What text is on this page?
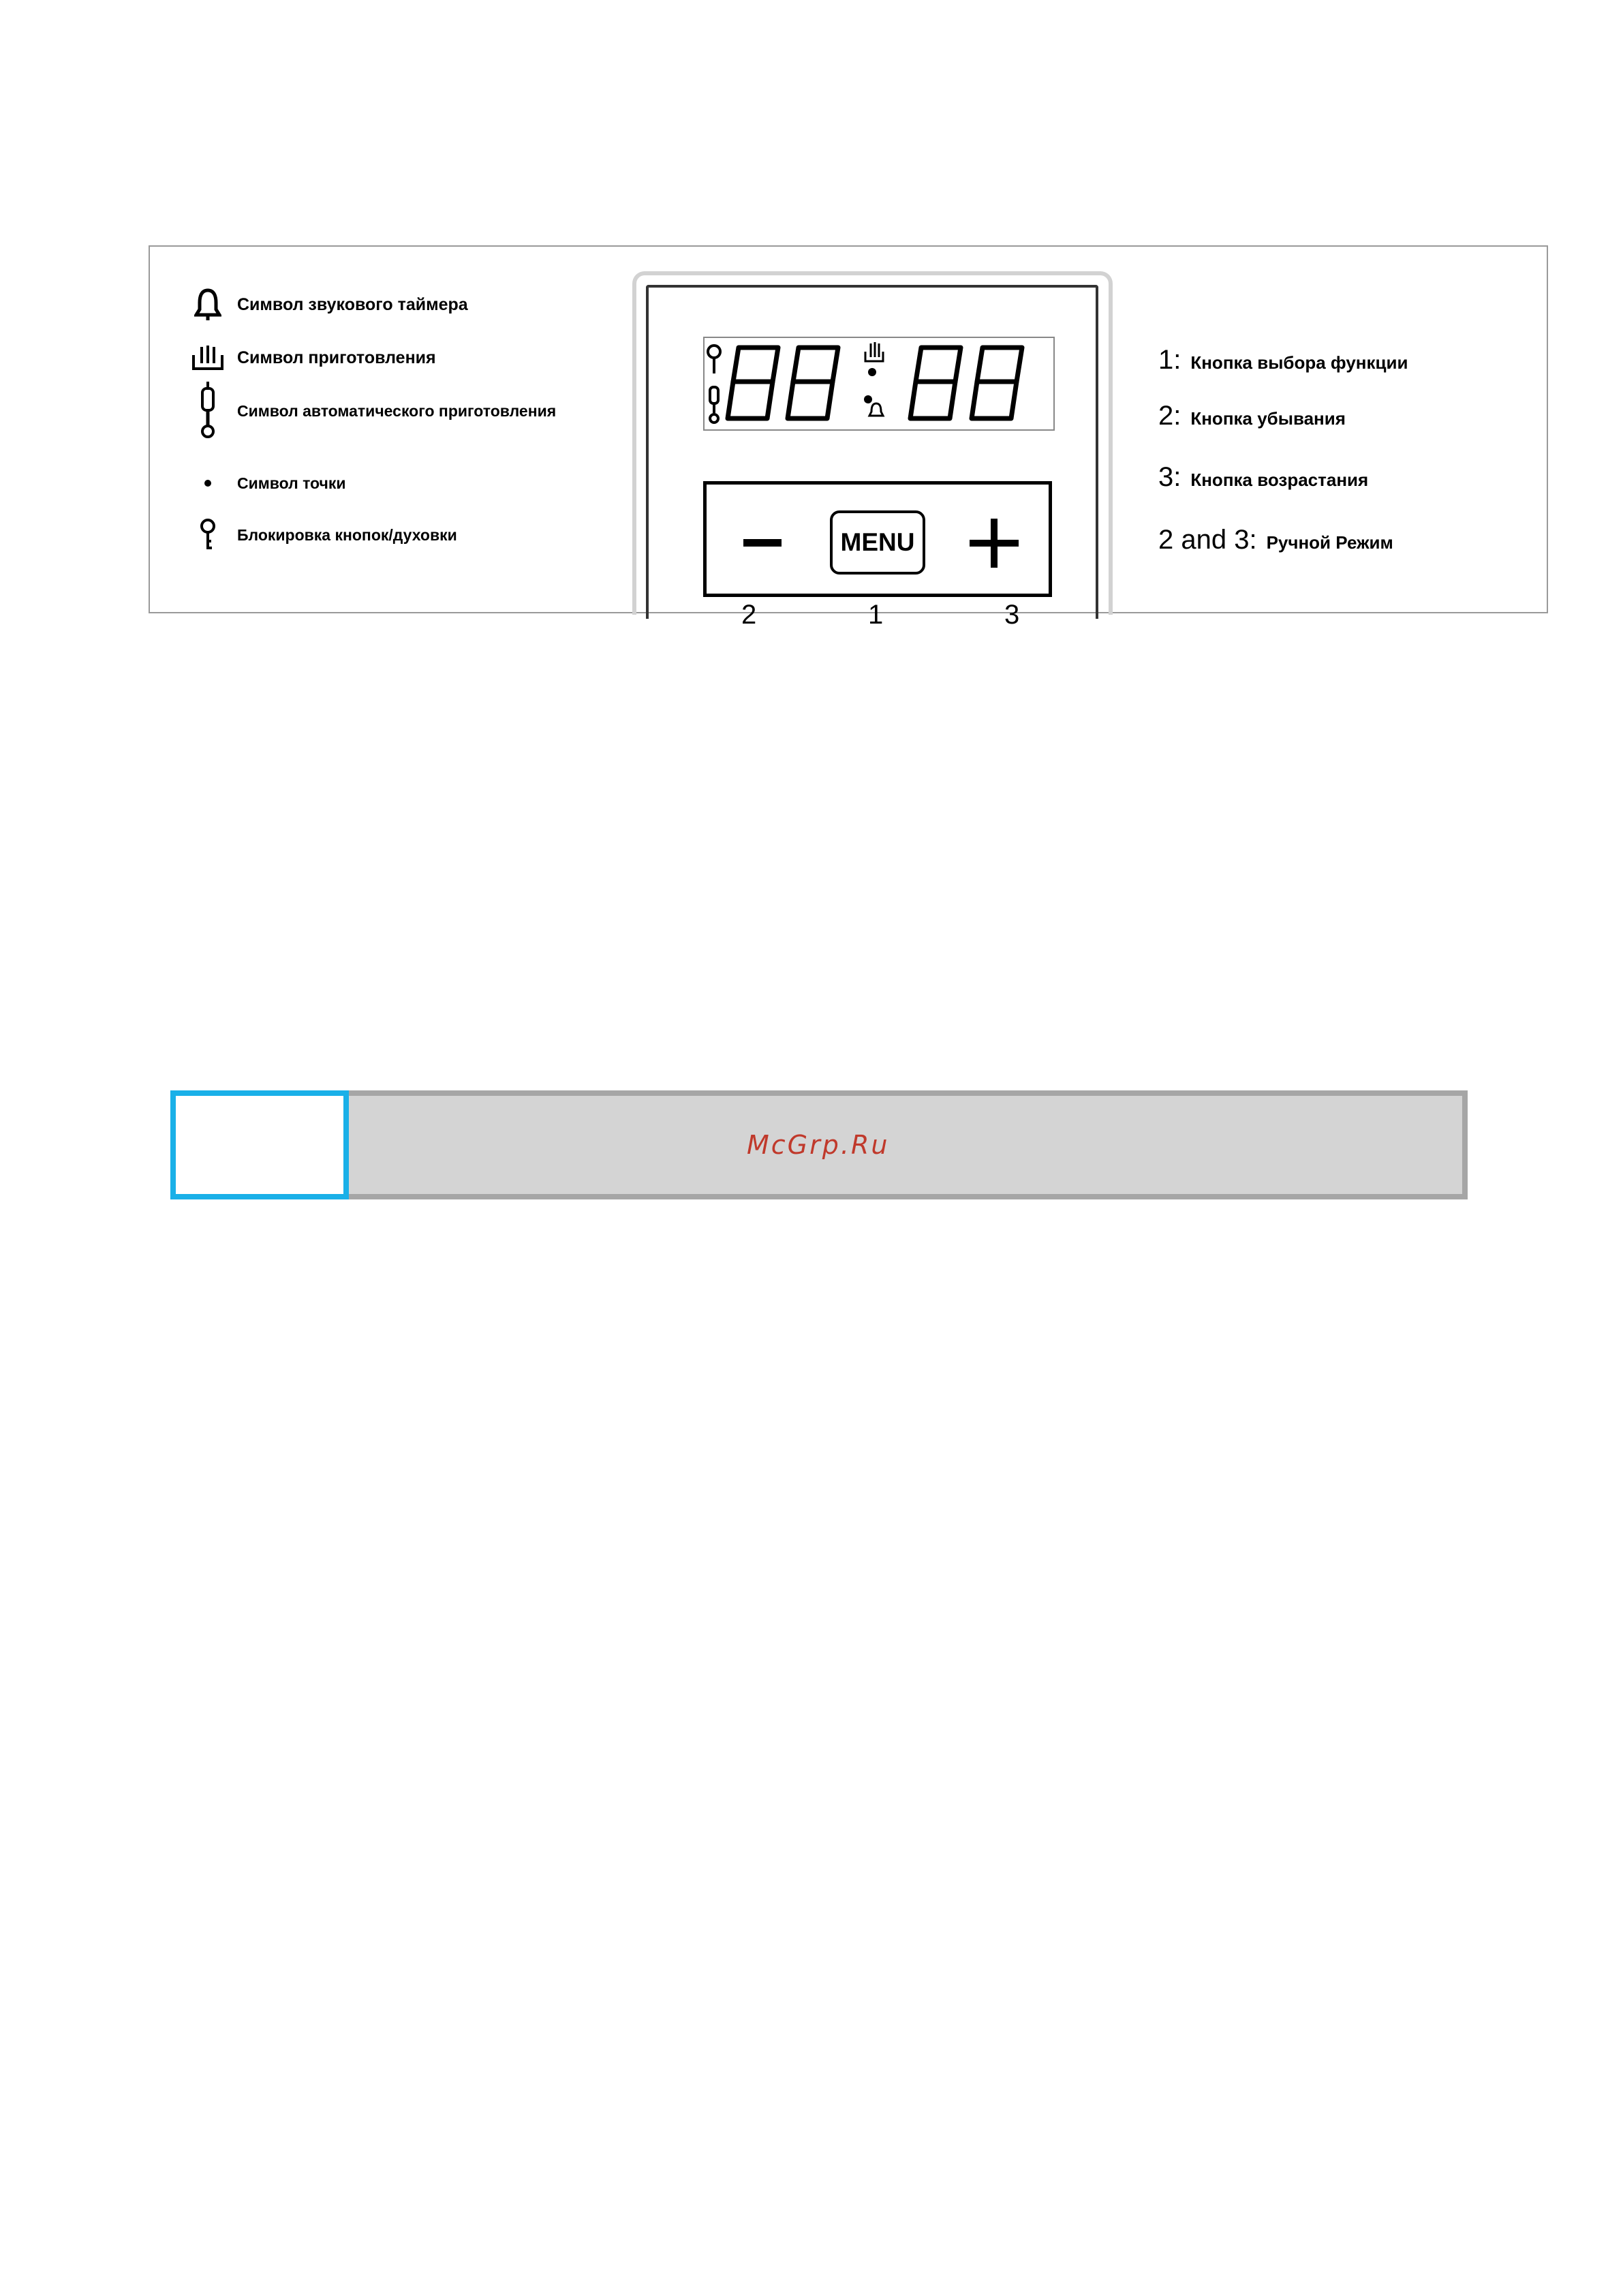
Символ звукового таймера
Символ приготовления
Символ автоматического приготовления
Символ точки
Блокировка кнопок/духовки	MENU
2	1	3
1: Кнопка выбора функции
2: Кнопка убывания
3: Кнопка возрастания
2 and 3: Ручной Режим
McGrp.Ru
